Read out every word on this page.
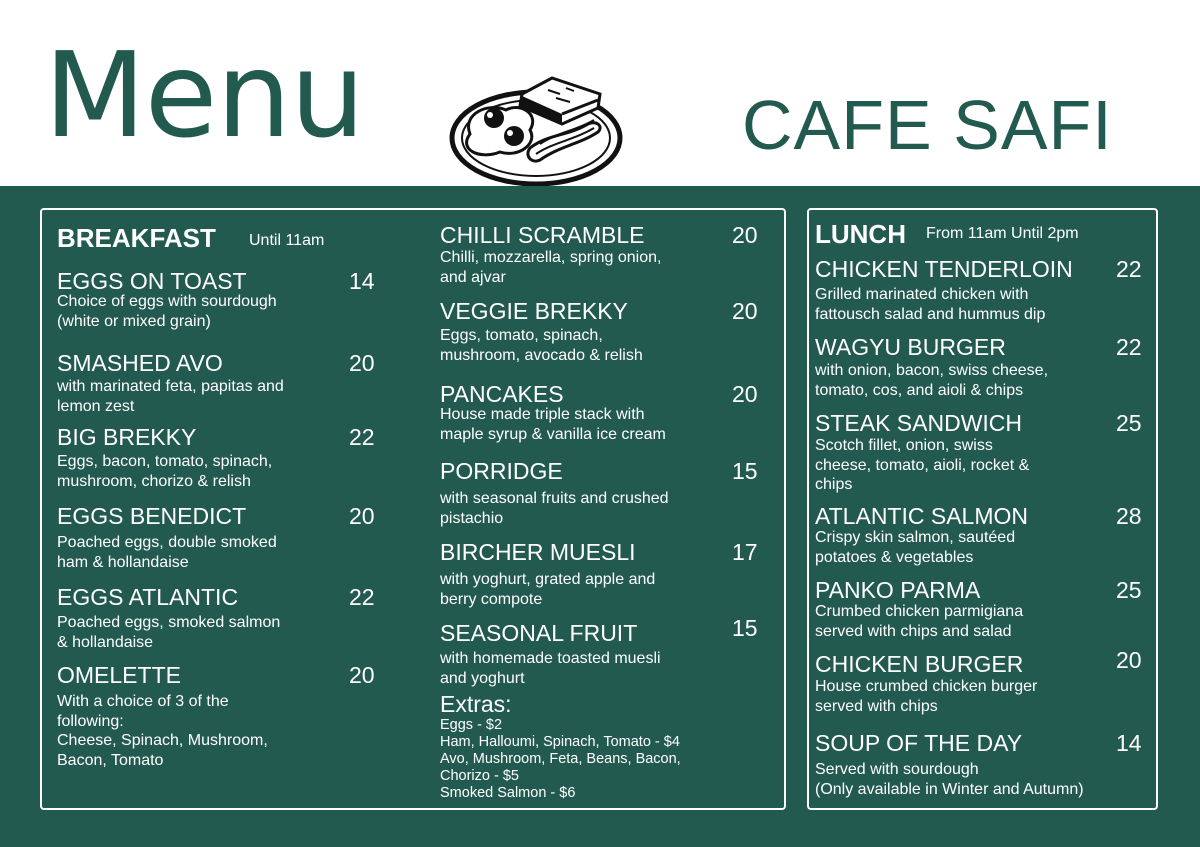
Menu	CAFE SAFI
BREAKFAST Until 11am
EGGS ON TOAST	14
Choice of eggs with sourdough
(white or mixed grain)
SMASHED AVO	20
with marinated feta, papitas and
lemon zest
BIG BREKKY	22
Eggs, bacon, tomato, spinach,
mushroom, chorizo & relish
EGGS BENEDICT	20
Poached eggs, double smoked
ham & hollandaise
EGGS ATLANTIC	22
Poached eggs, smoked salmon
& hollandaise
OMELETTE	20
With a choice of 3 of the
following:
Cheese, Spinach, Mushroom,
Bacon, Tomato
CHILLI SCRAMBLE	20
Chilli, mozzarella, spring onion,
and ajvar
VEGGIE BREKKY	20
Eggs, tomato, spinach,
mushroom, avocado & relish
PANCAKES	20
House made triple stack with
maple syrup & vanilla ice cream
PORRIDGE	15
with seasonal fruits and crushed
pistachio
BIRCHER MUESLI	17
with yoghurt, grated apple and
berry compote
SEASONAL FRUIT	15
with homemade toasted muesli
and yoghurt
Extras:
Eggs - $2
Ham, Halloumi, Spinach, Tomato - $4
Avo, Mushroom, Feta, Beans, Bacon,
Chorizo - $5
Smoked Salmon - $6
LUNCH From 11am Until 2pm
CHICKEN TENDERLOIN 22
Grilled marinated chicken with
fattousch salad and hummus dip
WAGYU BURGER	22
with onion, bacon, swiss cheese,
tomato, cos, and aioli & chips
STEAK SANDWICH	25
Scotch fillet, onion, swiss
cheese, tomato, aioli, rocket &
chips
ATLANTIC SALMON	28
Crispy skin salmon, sautéed
potatoes & vegetables
PANKO PARMA	25
Crumbed chicken parmigiana
served with chips and salad
CHICKEN BURGER	20
House crumbed chicken burger
served with chips
SOUP OF THE DAY	14
Served with sourdough
(Only available in Winter and Autumn)
